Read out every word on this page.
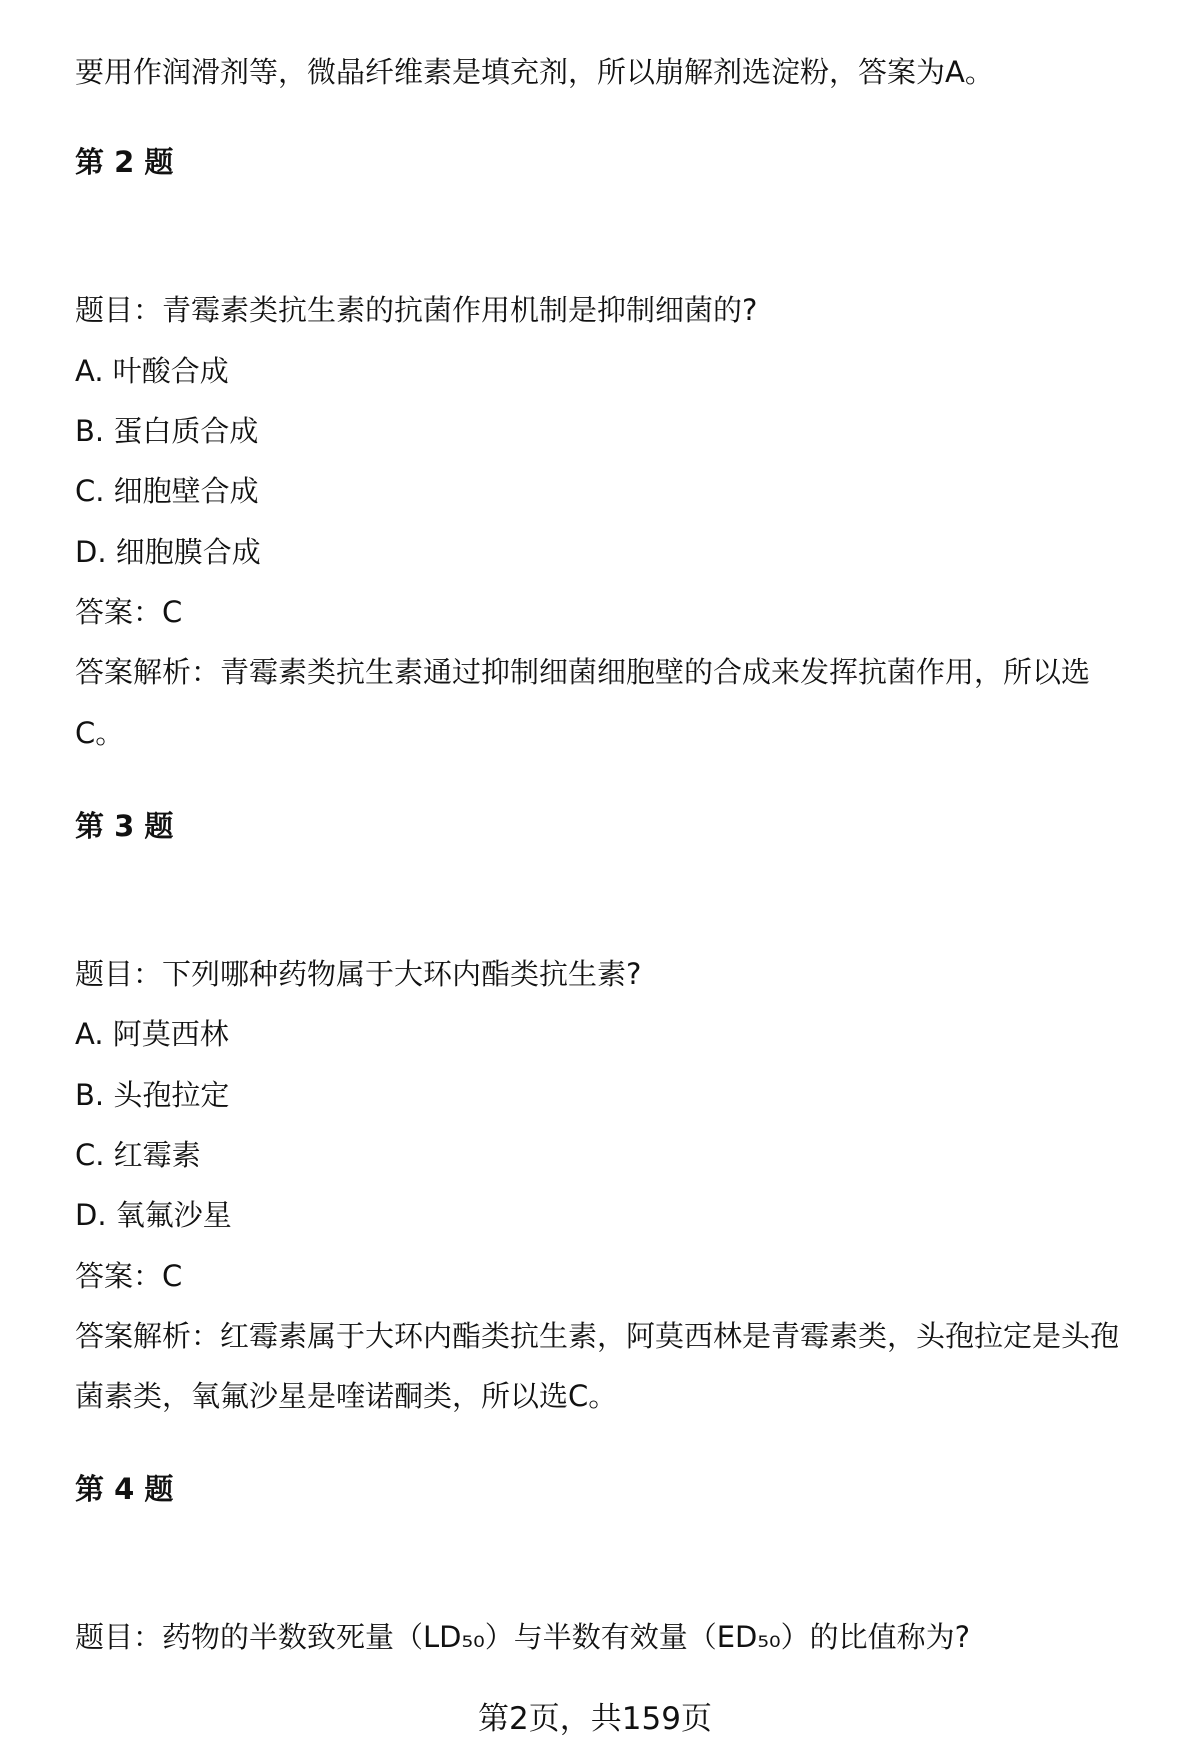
要用作润滑剂等，微晶纤维素是填充剂，所以崩解剂选淀粉，答案为A。
第 2 题
题目：青霉素类抗生素的抗菌作用机制是抑制细菌的?
A. 叶酸合成
B. 蛋白质合成
C. 细胞壁合成
D. 细胞膜合成
答案：C
答案解析：青霉素类抗生素通过抑制细菌细胞壁的合成来发挥抗菌作用，所以选
C。
第 3 题
题目：下列哪种药物属于大环内酯类抗生素?
A. 阿莫西林
B. 头孢拉定
C. 红霉素
D. 氧氟沙星
答案：C
答案解析：红霉素属于大环内酯类抗生素，阿莫西林是青霉素类，头孢拉定是头孢
菌素类，氧氟沙星是喹诺酮类，所以选C。
第 4 题
题目：药物的半数致死量（LD₅₀）与半数有效量（ED₅₀）的比值称为?
第2页，共159页
